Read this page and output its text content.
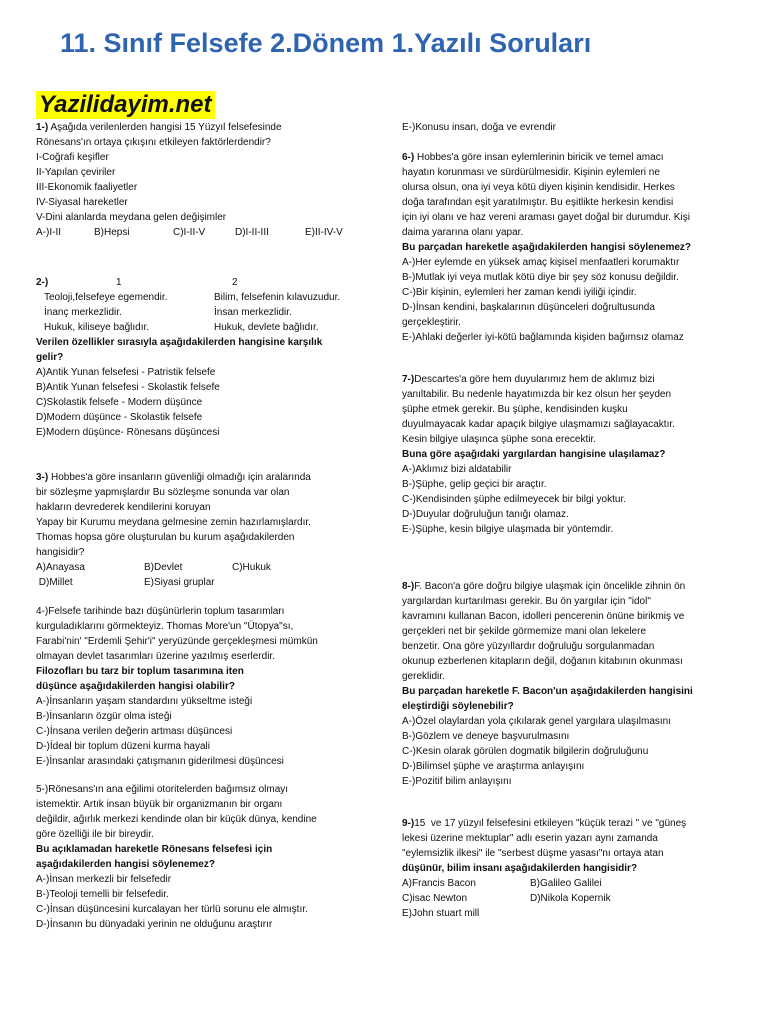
11. Sınıf Felsefe 2.Dönem 1.Yazılı Soruları
Yazilidayim.net

1-) Aşağıda verilenlerden hangisi 15 Yüzyıl felsefesinde

Rönesans'ın ortaya çıkışını etkileyen faktörlerdendir?

I-Coğrafi keşifler

II-Yapılan çeviriler

III-Ekonomik faaliyetler

IV-Siyasal hareketler

V-Dini alanlarda meydana gelen değişimler

A-)I-II	B)Hepsi	C)I-II-V	D)I-II-III	E)II-IV-V

2-)	1	2

Teoloji,felsefeye egemendir.	Bilim, felsefenin kılavuzudur.
İnanç merkezlidir.	İnsan merkezlidir.
Hukuk, kiliseye bağlıdır.	Hukuk, devlete bağlıdır.

Verilen özellikler sırasıyla aşağıdakilerden hangisine karşılık

gelir?

A)Antik Yunan felsefesi - Patristik felsefe

B)Antik Yunan felsefesi - Skolastik felsefe

C)Skolastik felsefe - Modern düşünce

D)Modern düşünce - Skolastik felsefe

E)Modern düşünce- Rönesans düşüncesi

3-) Hobbes'a göre insanların güvenliği olmadığı için aralarında

bir sözleşme yapmışlardır Bu sözleşme sonunda var olan

hakların devrederek kendilerini koruyan

Yapay bir Kurumu meydana gelmesine zemin hazırlamışlardır.

Thomas hopsa göre oluşturulan bu kurum aşağıdakilerden

hangisidir?

A)Anayasa	B)Devlet	C)Hukuk

D)Millet	E)Siyasi gruplar

4-)Felsefe tarihinde bazı düşünürlerin toplum tasarımları

kurguladıklarını görmekteyiz. Thomas More'un "Ütopya"sı,

Farabi'nin' "Erdemli Şehir'i" yeryüzünde gerçekleşmesi mümkün

olmayan devlet tasarımları üzerine yazılmış eserlerdir.

Filozofları bu tarz bir toplum tasarımına iten

düşünce aşağıdakilerden hangisi olabilir?

A-)İnsanların yaşam standardını yükseltme isteği

B-)İnsanların özgür olma isteği

C-)İnsana verilen değerin artması düşüncesi

D-)İdeal bir toplum düzeni kurma hayali

E-)İnsanlar arasındaki çatışmanın giderilmesi düşüncesi

5-)Rönesans'ın ana eğilimi otoritelerden bağımsız olmayı

istemektir. Artık insan büyük bir organizmanın bir organı

değildir, ağırlık merkezi kendinde olan bir küçük dünya, kendine

göre özelliği ile bir bireydir.

Bu açıklamadan hareketle Rönesans felsefesi için

aşağıdakilerden hangisi söylenemez?

A-)İnsan merkezli bir felsefedir

B-)Teoloji temelli bir felsefedir.

C-)İnsan düşüncesini kurcalayan her türlü sorunu ele almıştır.

D-)İnsanın bu dünyadaki yerinin ne olduğunu araştırır

E-)Konusu insan, doğa ve evrendir

6-) Hobbes'a göre insan eylemlerinin biricik ve temel amacı

hayatın korunması ve sürdürülmesidir. Kişinin eylemleri ne

olursa olsun, ona iyi veya kötü diyen kişinin kendisidir. Herkes

doğa tarafından eşit yaratılmıştır. Bu eşitlikte herkesin kendisi

için iyi olanı ve haz vereni araması gayet doğal bir durumdur. Kişi

daima yararına olanı yapar.

Bu parçadan hareketle aşağıdakilerden hangisi söylenemez?

A-)Her eylemde en yüksek amaç kişisel menfaatleri korumaktır

B-)Mutlak iyi veya mutlak kötü diye bir şey söz konusu değildir.

C-)Bir kişinin, eylemleri her zaman kendi iyiliği içindir.

D-)İnsan kendini, başkalarının düşünceleri doğrultusunda

gerçekleştirir.

E-)Ahlaki değerler iyi-kötü bağlamında kişiden bağımsız olamaz

7-)Descartes'a göre hem duyularımız hem de aklımız bizi

yanıltabilir. Bu nedenle hayatımızda bir kez olsun her şeyden

şüphe etmek gerekir. Bu şüphe, kendisinden kuşku

duyulmayacak kadar apaçık bilgiye ulaşmamızı sağlayacaktır.

Kesin bilgiye ulaşınca şüphe sona erecektir.

Buna göre aşağıdaki yargılardan hangisine ulaşılamaz?

A-)Aklımız bizi aldatabilir

B-)Şüphe, gelip geçici bir araçtır.

C-)Kendisinden şüphe edilmeyecek bir bilgi yoktur.

D-)Duyular doğruluğun tanığı olamaz.

E-)Şüphe, kesin bilgiye ulaşmada bir yöntemdir.

8-)F. Bacon'a göre doğru bilgiye ulaşmak için öncelikle zihnin ön

yargılardan kurtarılması gerekir. Bu ön yargılar için "idol"

kavramını kullanan Bacon, idolleri pencerenin önüne birikmiş ve

gerçekleri net bir şekilde görmemize mani olan lekelere

benzetir. Ona göre yüzyıllardır doğruluğu sorgulanmadan

okunup ezberlenen kitapların değil, doğanın kitabının okunması

gereklidir.

Bu parçadan hareketle F. Bacon'un aşağıdakilerden hangisini

eleştirdiği söylenebilir?

A-)Özel olaylardan yola çıkılarak genel yargılara ulaşılmasını

B-)Gözlem ve deneye başvurulmasını

C-)Kesin olarak görülen dogmatik bilgilerin doğruluğunu

D-)Bilimsel şüphe ve araştırma anlayışını

E-)Pozitif bilim anlayışını

9-)15  ve 17 yüzyıl felsefesini etkileyen "küçük terazi " ve "güneş

lekesi üzerine mektuplar" adlı eserin yazarı aynı zamanda

"eylemsizlik ilkesi" ile "serbest düşme yasası"nı ortaya atan

düşünür, bilim insanı aşağıdakilerden hangisidir?

A)Francis Bacon	B)Galileo Galilei

C)isac Newton	D)Nikola Kopernik

E)John stuart mill
